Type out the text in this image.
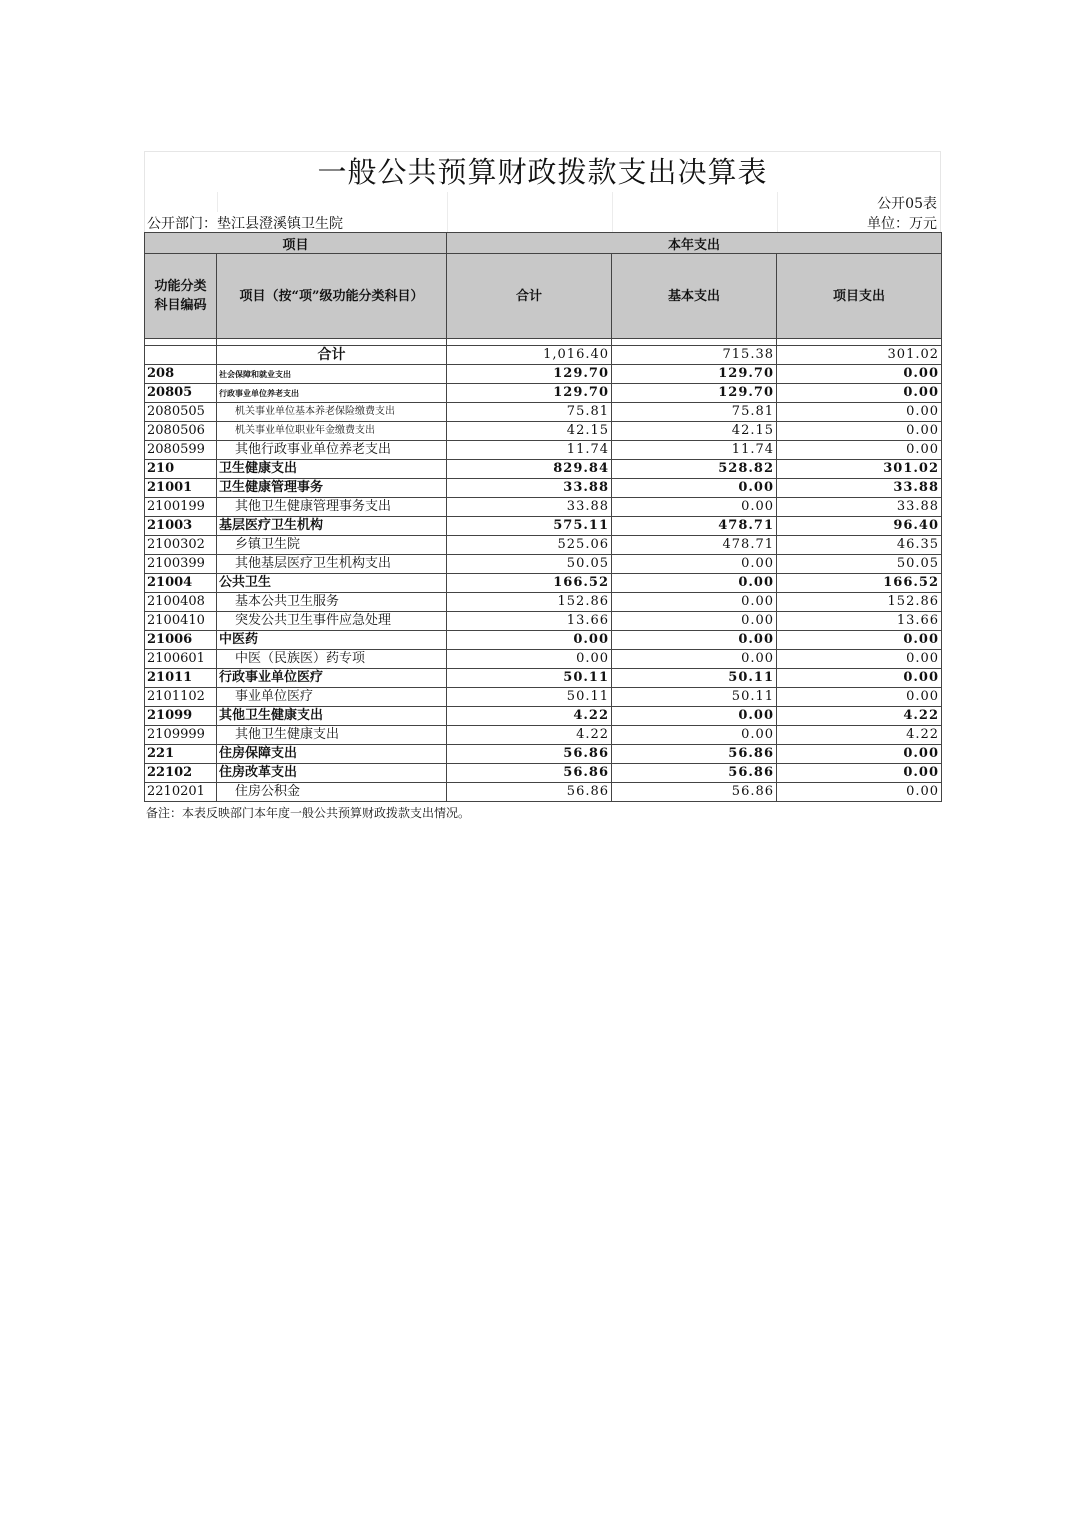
一般公共预算财政拨款支出决算表
公开05表
公开部门：垫江县澄溪镇卫生院	单位：万元
项目		本年支出		
功能分类科目编码	项目（按“项”级功能分类科目）	合计	基本支出	项目支出

	合计	1,016.40	715.38	301.02
208	社会保障和就业支出	129.70	129.70	0.00
20805	行政事业单位养老支出	129.70	129.70	0.00
2080505	机关事业单位基本养老保险缴费支出	75.81	75.81	0.00
2080506	机关事业单位职业年金缴费支出	42.15	42.15	0.00
2080599	其他行政事业单位养老支出	11.74	11.74	0.00
210	卫生健康支出	829.84	528.82	301.02
21001	卫生健康管理事务	33.88	0.00	33.88
2100199	其他卫生健康管理事务支出	33.88	0.00	33.88
21003	基层医疗卫生机构	575.11	478.71	96.40
2100302	乡镇卫生院	525.06	478.71	46.35
2100399	其他基层医疗卫生机构支出	50.05	0.00	50.05
21004	公共卫生	166.52	0.00	166.52
2100408	基本公共卫生服务	152.86	0.00	152.86
2100410	突发公共卫生事件应急处理	13.66	0.00	13.66
21006	中医药	0.00	0.00	0.00
2100601	中医（民族医）药专项	0.00	0.00	0.00
21011	行政事业单位医疗	50.11	50.11	0.00
2101102	事业单位医疗	50.11	50.11	0.00
21099	其他卫生健康支出	4.22	0.00	4.22
2109999	其他卫生健康支出	4.22	0.00	4.22
221	住房保障支出	56.86	56.86	0.00
22102	住房改革支出	56.86	56.86	0.00
2210201	住房公积金	56.86	56.86	0.00
备注：本表反映部门本年度一般公共预算财政拨款支出情况。
